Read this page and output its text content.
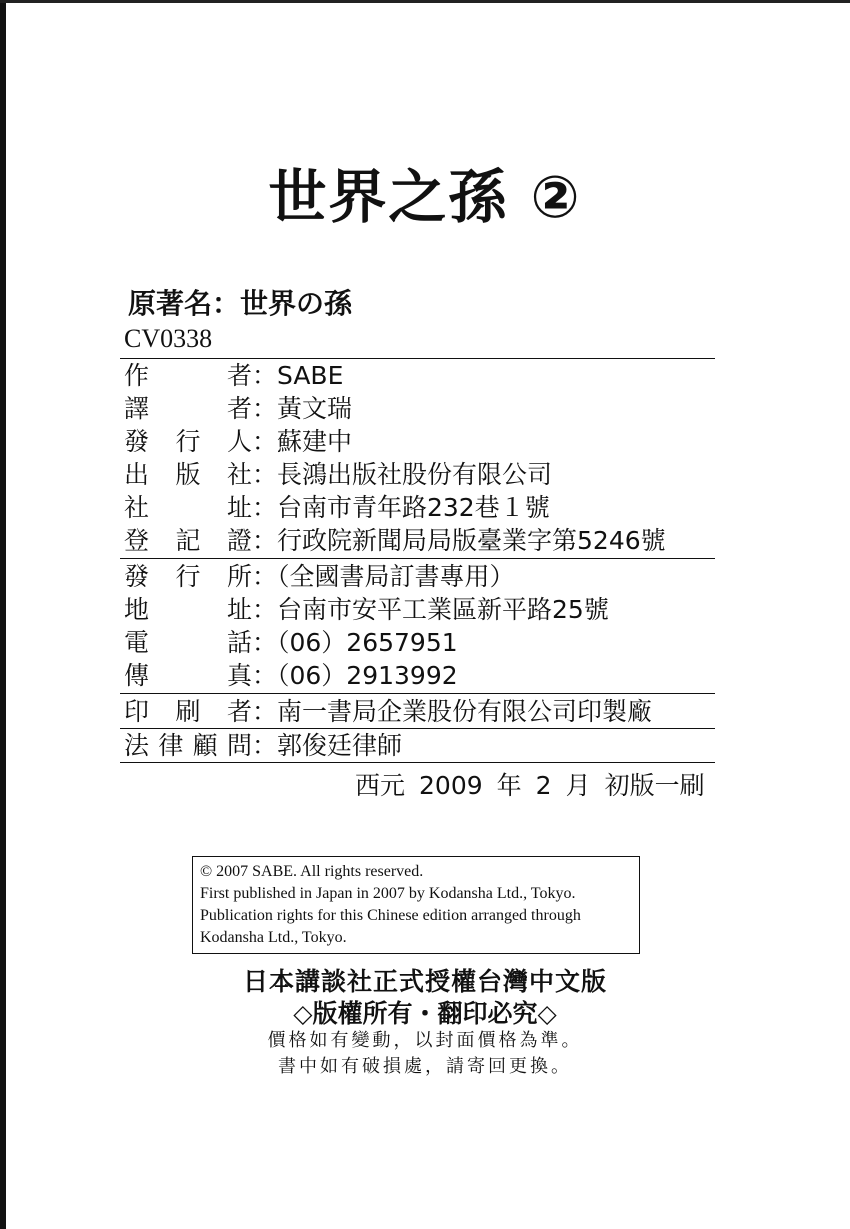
世界之孫 ②
原著名：世界の孫
CV0338
作者：SABE
譯者：黃文瑞
發行人：蘇建中
出版社：長鴻出版社股份有限公司
社址：台南市青年路232巷１號
登記證：行政院新聞局局版臺業字第5246號
發行所：（全國書局訂書專用）
地址：台南市安平工業區新平路25號
電話：（06）2657951
傳真：（06）2913992
印刷者：南一書局企業股份有限公司印製廠
法律顧問：郭俊廷律師
西元 2009 年 2 月 初版一刷
© 2007 SABE. All rights reserved.
First published in Japan in 2007 by Kodansha Ltd., Tokyo.
Publication rights for this Chinese edition arranged through
Kodansha Ltd., Tokyo.
日本講談社正式授權台灣中文版
◇版權所有・翻印必究◇
價格如有變動，以封面價格為準。
書中如有破損處，請寄回更換。
